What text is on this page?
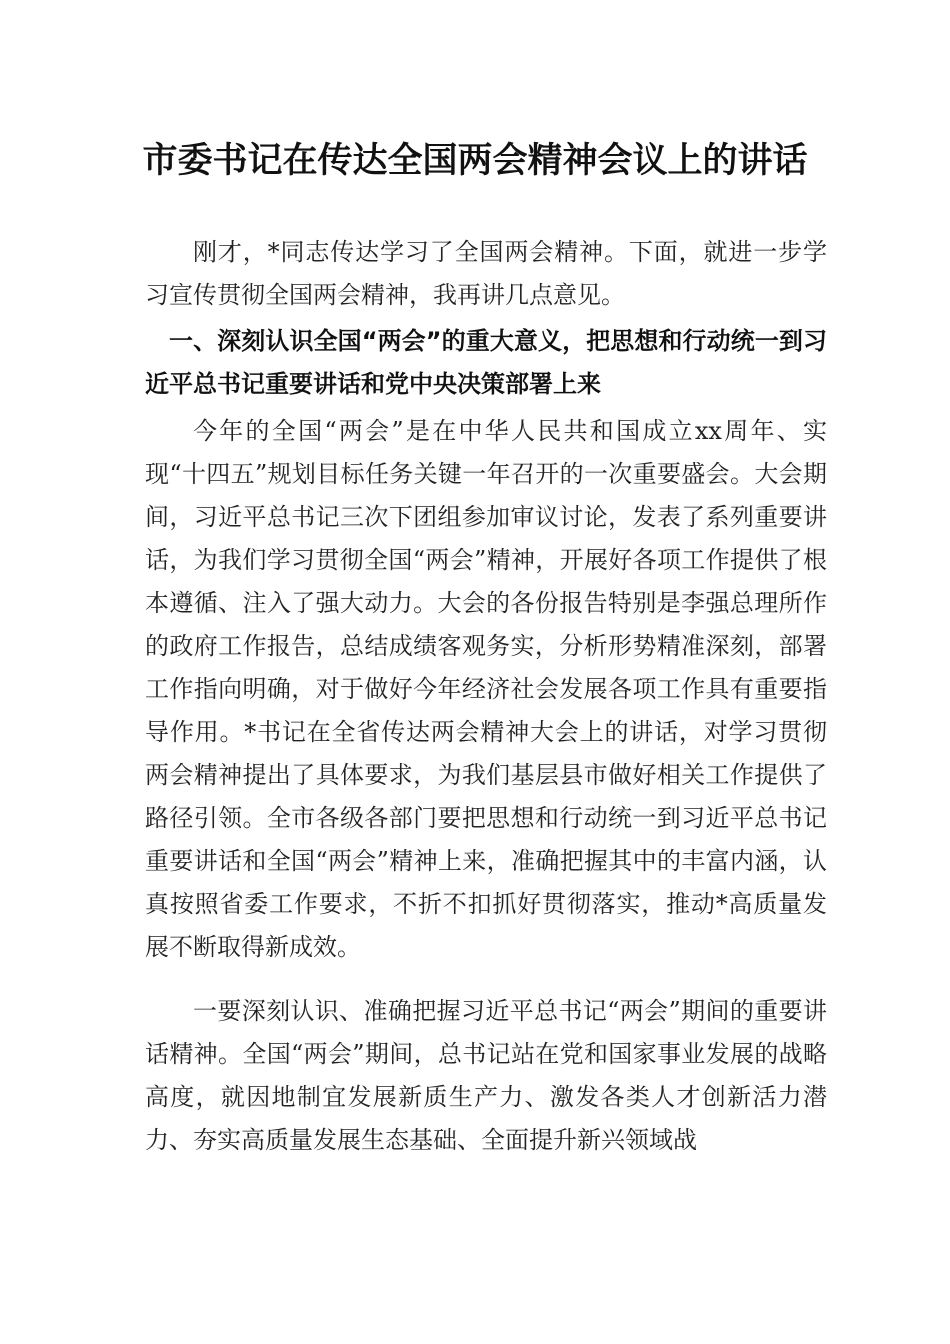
市委书记在传达全国两会精神会议上的讲话

刚才，*同志传达学习了全国两会精神。下面，就进一步学习宣传贯彻全国两会精神，我再讲几点意见。

一、深刻认识全国“两会”的重大意义，把思想和行动统一到习近平总书记重要讲话和党中央决策部署上来

今年的全国“两会”是在中华人民共和国成立xx周年、实现“十四五”规划目标任务关键一年召开的一次重要盛会。大会期间，习近平总书记三次下团组参加审议讨论，发表了系列重要讲话，为我们学习贯彻全国“两会”精神，开展好各项工作提供了根本遵循、注入了强大动力。大会的各份报告特别是李强总理所作的政府工作报告，总结成绩客观务实，分析形势精准深刻，部署工作指向明确，对于做好今年经济社会发展各项工作具有重要指导作用。*书记在全省传达两会精神大会上的讲话，对学习贯彻两会精神提出了具体要求，为我们基层县市做好相关工作提供了路径引领。全市各级各部门要把思想和行动统一到习近平总书记重要讲话和全国“两会”精神上来，准确把握其中的丰富内涵，认真按照省委工作要求，不折不扣抓好贯彻落实，推动*高质量发展不断取得新成效。

一要深刻认识、准确把握习近平总书记“两会”期间的重要讲话精神。全国“两会”期间，总书记站在党和国家事业发展的战略高度，就因地制宜发展新质生产力、激发各类人才创新活力潜力、夯实高质量发展生态基础、全面提升新兴领域战
